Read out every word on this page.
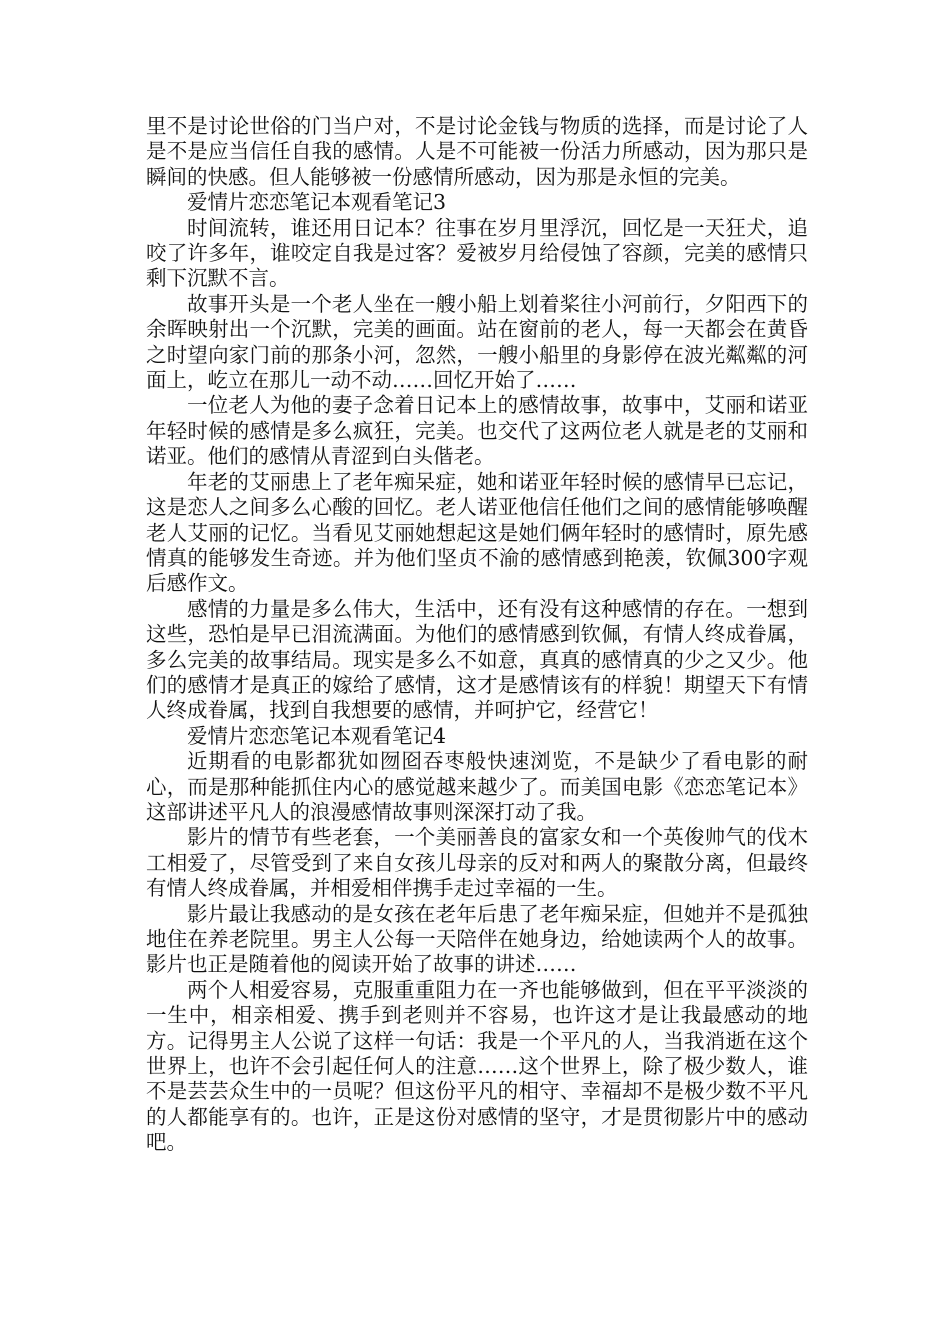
里不是讨论世俗的门当户对，不是讨论金钱与物质的选择，而是讨论了人是不是应当信任自我的感情。人是不可能被一份活力所感动，因为那只是瞬间的快感。但人能够被一份感情所感动，因为那是永恒的完美。

爱情片恋恋笔记本观看笔记3

时间流转，谁还用日记本？往事在岁月里浮沉，回忆是一天狂犬，追咬了许多年，谁咬定自我是过客？爱被岁月给侵蚀了容颜，完美的感情只剩下沉默不言。

故事开头是一个老人坐在一艘小船上划着桨往小河前行，夕阳西下的余晖映射出一个沉默，完美的画面。站在窗前的老人，每一天都会在黄昏之时望向家门前的那条小河，忽然，一艘小船里的身影停在波光粼粼的河面上，屹立在那儿一动不动……回忆开始了……

一位老人为他的妻子念着日记本上的感情故事，故事中，艾丽和诺亚年轻时候的感情是多么疯狂，完美。也交代了这两位老人就是老的艾丽和诺亚。他们的感情从青涩到白头偕老。

年老的艾丽患上了老年痴呆症，她和诺亚年轻时候的感情早已忘记，这是恋人之间多么心酸的回忆。老人诺亚他信任他们之间的感情能够唤醒老人艾丽的记忆。当看见艾丽她想起这是她们俩年轻时的感情时，原先感情真的能够发生奇迹。并为他们坚贞不渝的感情感到艳羡，钦佩300字观后感作文。

感情的力量是多么伟大，生活中，还有没有这种感情的存在。一想到这些，恐怕是早已泪流满面。为他们的感情感到钦佩，有情人终成眷属，多么完美的故事结局。现实是多么不如意，真真的感情真的少之又少。他们的感情才是真正的嫁给了感情，这才是感情该有的样貌！期望天下有情人终成眷属，找到自我想要的感情，并呵护它，经营它！

爱情片恋恋笔记本观看笔记4

近期看的电影都犹如囫囵吞枣般快速浏览，不是缺少了看电影的耐心，而是那种能抓住内心的感觉越来越少了。而美国电影《恋恋笔记本》这部讲述平凡人的浪漫感情故事则深深打动了我。

影片的情节有些老套，一个美丽善良的富家女和一个英俊帅气的伐木工相爱了，尽管受到了来自女孩儿母亲的反对和两人的聚散分离，但最终有情人终成眷属，并相爱相伴携手走过幸福的一生。

影片最让我感动的是女孩在老年后患了老年痴呆症，但她并不是孤独地住在养老院里。男主人公每一天陪伴在她身边，给她读两个人的故事。影片也正是随着他的阅读开始了故事的讲述……

两个人相爱容易，克服重重阻力在一齐也能够做到，但在平平淡淡的一生中，相亲相爱、携手到老则并不容易，也许这才是让我最感动的地方。记得男主人公说了这样一句话：我是一个平凡的人，当我消逝在这个世界上，也许不会引起任何人的注意……这个世界上，除了极少数人，谁不是芸芸众生中的一员呢？但这份平凡的相守、幸福却不是极少数不平凡的人都能享有的。也许，正是这份对感情的坚守，才是贯彻影片中的感动吧。
